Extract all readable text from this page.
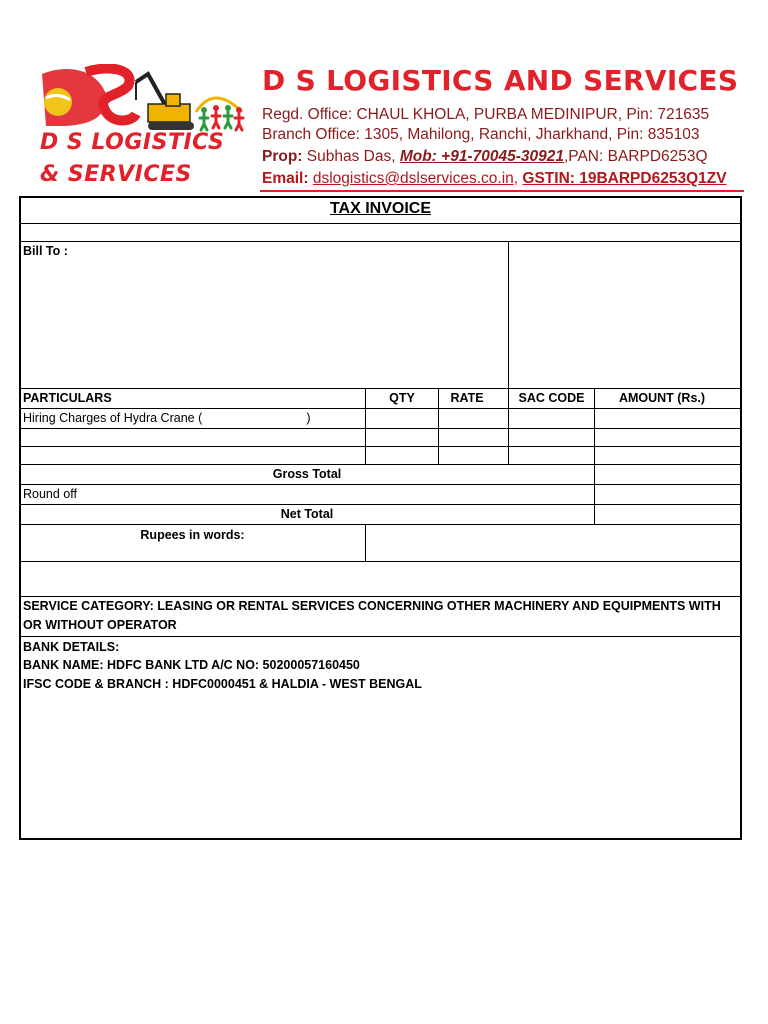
D S LOGISTICS
& SERVICES
D S LOGISTICS AND SERVICES
Regd. Office: CHAUL KHOLA, PURBA MEDINIPUR, Pin: 721635
Branch Office: 1305, Mahilong, Ranchi, Jharkhand, Pin: 835103
Prop: Subhas Das, Mob: +91-70045-30921,PAN: BARPD6253Q
Email: dslogistics@dslservices.co.in, GSTIN: 19BARPD6253Q1ZV
TAX INVOICE
Bill To :
PARTICULARS	QTY	RATE	SAC CODE	AMOUNT (Rs.)
Hiring Charges of Hydra Crane (                              )
Gross Total
Round off
Net Total
Rupees in words:
SERVICE CATEGORY: LEASING OR RENTAL SERVICES CONCERNING OTHER MACHINERY AND EQUIPMENTS WITH
OR WITHOUT OPERATOR
BANK DETAILS:
BANK NAME: HDFC BANK LTD A/C NO: 50200057160450
IFSC CODE & BRANCH : HDFC0000451 & HALDIA - WEST BENGAL
